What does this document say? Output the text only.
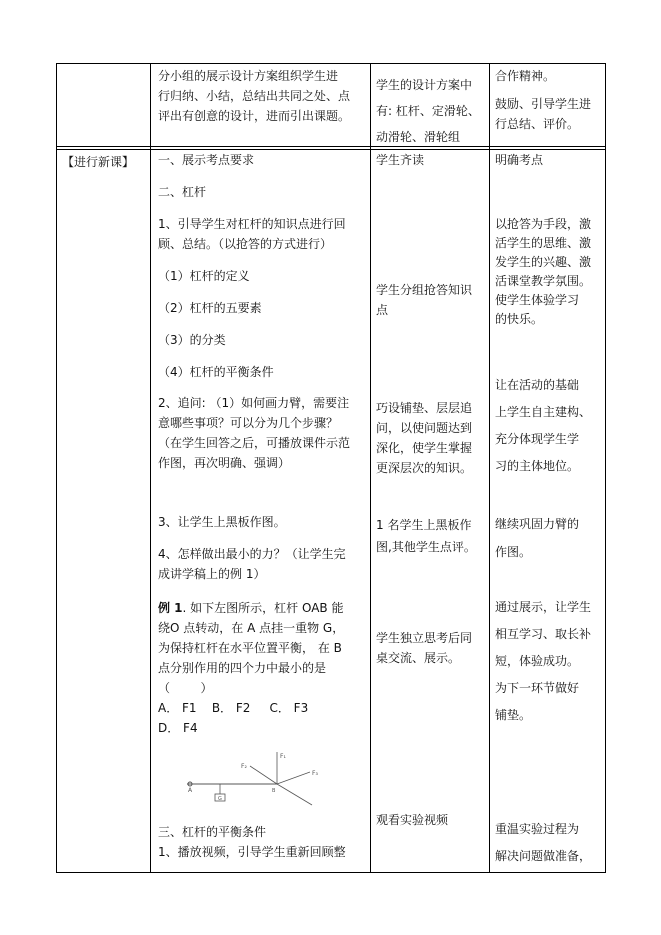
分小组的展示设计方案组织学生进

行归纳、小结，总结出共同之处、点

评出有创意的设计，进而引出课题。

学生的设计方案中

有: 杠杆、定滑轮、

动滑轮、滑轮组

合作精神。

鼓励、引导学生进

行总结、评价。

【进行新课】	一、展示考点要求

二、杠杆

1、引导学生对杠杆的知识点进行回

顾、总结。（以抢答的方式进行）

（1）杠杆的定义

（2）杠杆的五要素

（3）的分类

（4）杠杆的平衡条件

2、追问: （1）如何画力臂，需要注

意哪些事项？可以分为几个步骤？

（在学生回答之后，可播放课件示范

作图，再次明确、强调）

3、让学生上黑板作图。

4、怎样做出最小的力？（让学生完

成讲学稿上的例 1）

例 1. 如下左图所示，杠杆 OAB 能

绕O 点转动，在 A 点挂一重物 G，

为保持杠杆在水平位置平衡， 在 B

点分别作用的四个力中最小的是

（        ）

A． F1    B． F2     C． F3

D． F4

F₁
F₂
F₃
A
G
B

三、杠杆的平衡条件

1、播放视频，引导学生重新回顾整

学生齐读

学生分组抢答知识

点

巧设铺垫、层层追

问，以使问题达到

深化，使学生掌握

更深层次的知识。

1 名学生上黑板作

图,其他学生点评。

学生独立思考后同

桌交流、展示。

观看实验视频

明确考点

以抢答为手段，激

活学生的思维、激

发学生的兴趣、激

活课堂教学氛围。

使学生体验学习

的快乐。

让在活动的基础

上学生自主建构、

充分体现学生学

习的主体地位。

继续巩固力臂的

作图。

通过展示，让学生

相互学习、取长补

短，体验成功。

为下一环节做好

铺垫。

重温实验过程为

解决问题做准备，
